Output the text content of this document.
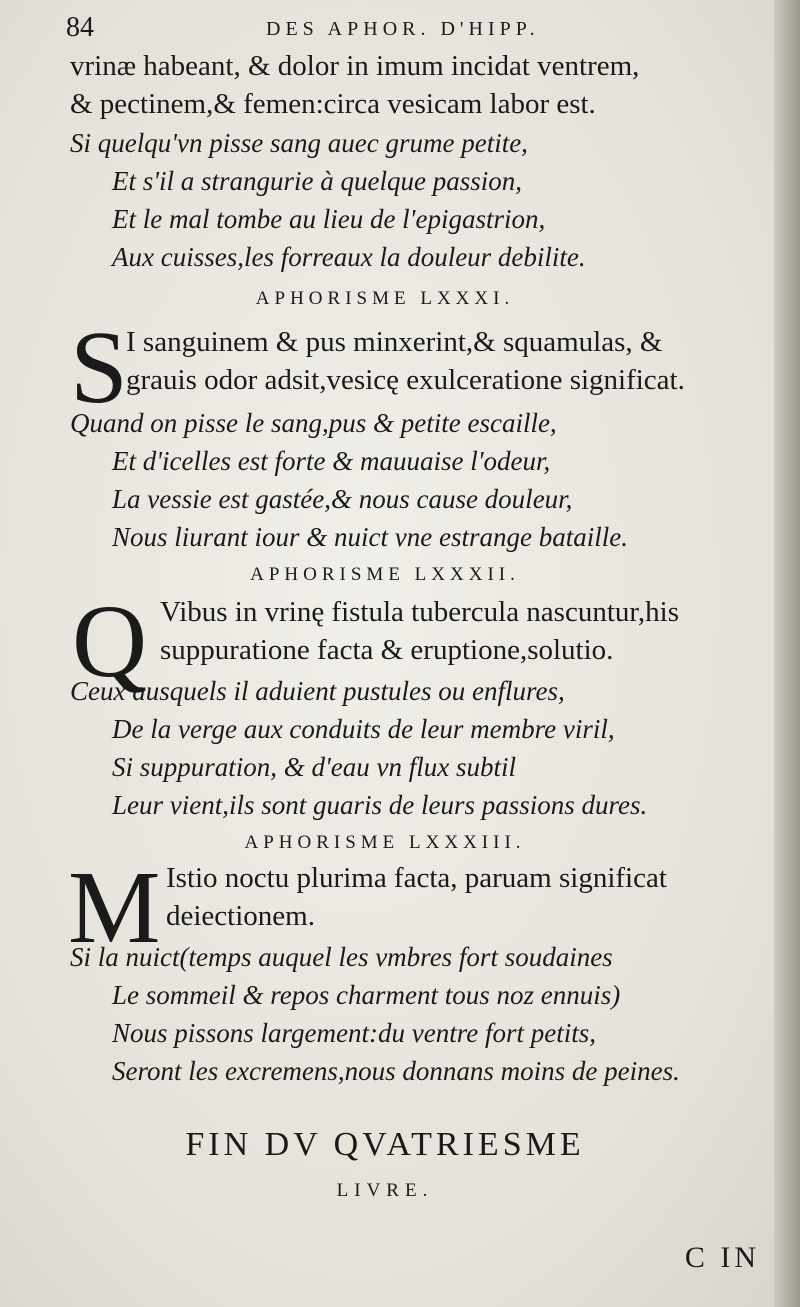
84	DES APHOR. D'HIPP.
vrinæ habeant, & dolor in imum incidat ventrem,
& pectinem,& femen:circa vesicam labor est.
Si quelqu'vn pisse sang auec grume petite,
Et s'il a strangurie à quelque passion,
Et le mal tombe au lieu de l'epigastrion,
Aux cuisses,les forreaux la douleur debilite.
APHORISME LXXXI.
S
I sanguinem & pus minxerint,& squamulas, &
grauis odor adsit,vesicę exulceratione significat.
Quand on pisse le sang,pus & petite escaille,
Et d'icelles est forte & mauuaise l'odeur,
La vessie est gastée,& nous cause douleur,
Nous liurant iour & nuict vne estrange bataille.
APHORISME LXXXII.
Q Vibus in vrinę fistula tubercula nascuntur,his
suppuratione facta & eruptione,solutio.
Ceux ausquels il aduient pustules ou enflures,
De la verge aux conduits de leur membre viril,
Si suppuration, & d'eau vn flux subtil
Leur vient,ils sont guaris de leurs passions dures.
APHORISME LXXXIII.
M Istio noctu plurima facta, paruam significat
deiectionem.
Si la nuict(temps auquel les vmbres fort soudaines
Le sommeil & repos charment tous noz ennuis)
Nous pissons largement:du ventre fort petits,
Seront les excremens,nous donnans moins de peines.
FIN DV QVATRIESME
LIVRE.
C IN
